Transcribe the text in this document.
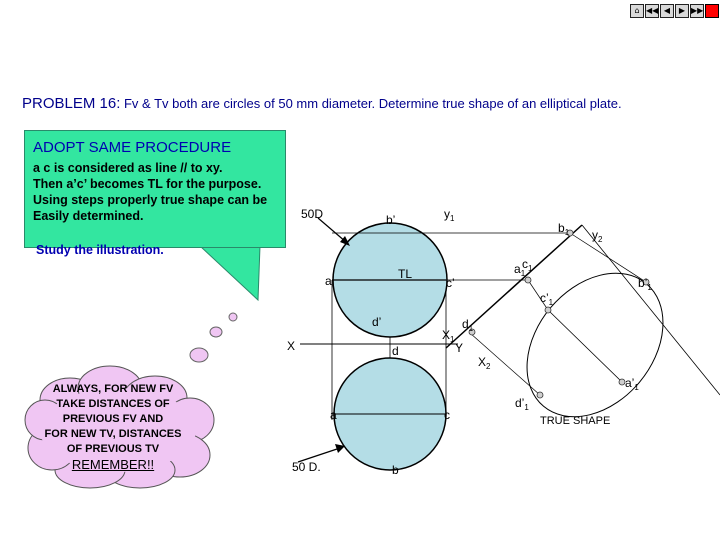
⌂ ◀◀ ◀	▶ ▶▶
PROBLEM 16: Fv & Tv both are circles of 50 mm diameter. Determine true shape of an elliptical plate.
50D
50 D.
b’
a’	TL
c’
d’
X	Y
d
a	c
b
$X_1$
$y_1$
$X_2$
$y_2$
$b_1$
$a_1$
$c_1$
$d_1$
$b’_1$
$c’_1$
$a’_1$
$d’_1$
TRUE SHAPE
ADOPT SAME PROCEDURE
a c is considered as line // to xy.
Then a’c’ becomes TL for the purpose.
Using steps properly true shape can be
Easily determined.
Study the illustration.
ALWAYS, FOR NEW FV
TAKE DISTANCES OF
PREVIOUS FV AND
FOR NEW TV, DISTANCES
OF PREVIOUS TV
REMEMBER!!
